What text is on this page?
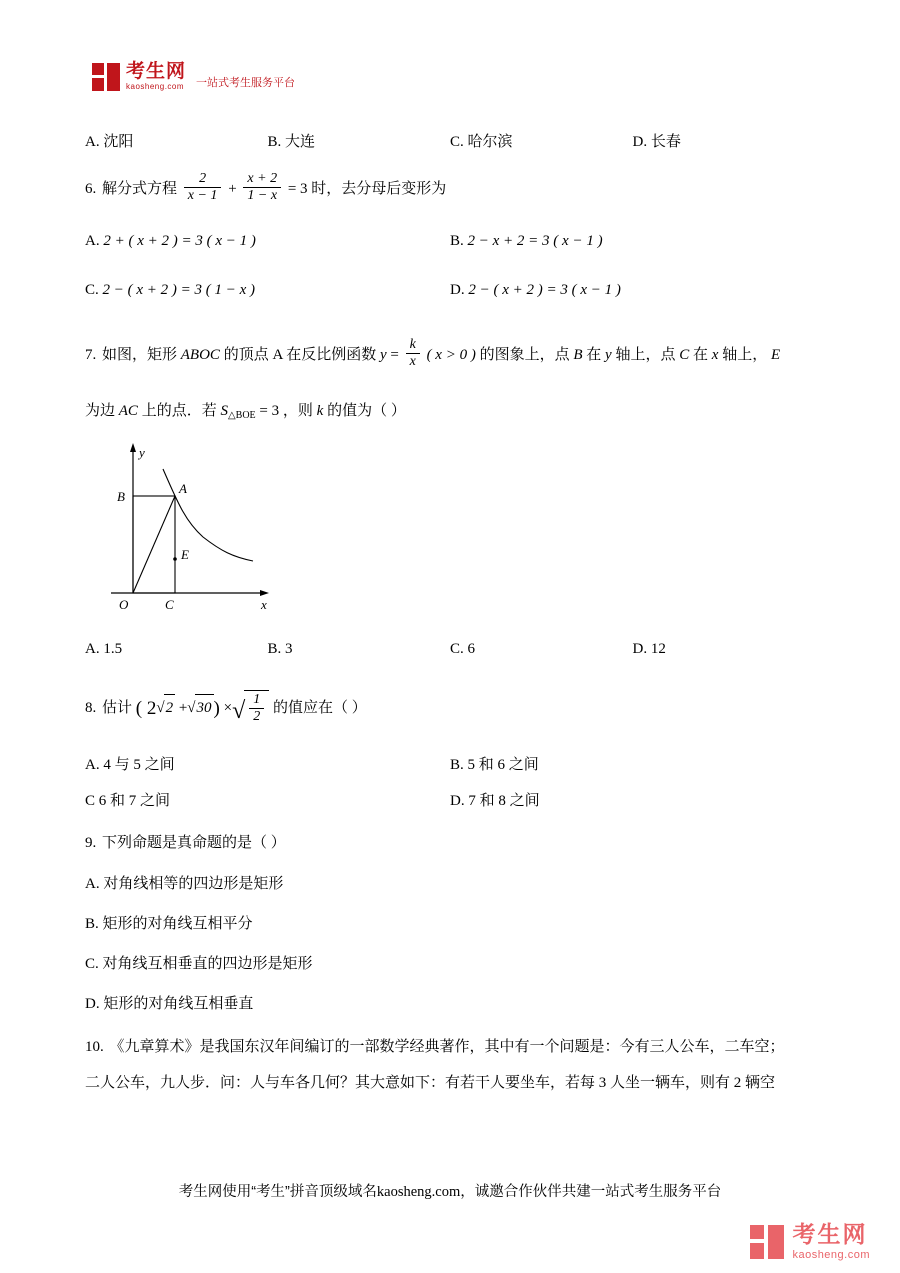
考生网
kaosheng.com 一站式考生服务平台
A. 沈阳	B. 大连	C. 哈尔滨	D. 长春
6. 解分式方程 $\frac{2}{x - 1} + \frac{x + 2}{1 - x} = 3$ 时，去分母后变形为
A. 2 + ( x + 2 ) = 3 ( x − 1 )	B. 2 − x + 2 = 3 ( x − 1 )
C. 2 − ( x + 2 ) = 3 ( 1 − x )	D. 2 − ( x + 2 ) = 3 ( x − 1 )
7. 如图，矩形 ABOC 的顶点 A 在反比例函数 $y = \frac{k}{x}$ ( x > 0 ) 的图象上，点 B 在 y 轴上，点 C 在 x 轴上， E
为边 AC 上的点．若 $S_{\triangle BOE} = 3$ ，则 k 的值为（ ）
y
x
O
A
B
C
E
A. 1.5	B. 3	C. 6	D. 12
8. 估计 ( 2√2 +√30 ) ×√ $\frac{1}{2}$ 的值应在（ ）
A. 4 与 5 之间	B. 5 和 6 之间
C 6 和 7 之间	D. 7 和 8 之间
9. 下列命题是真命题的是（ ）
A. 对角线相等的四边形是矩形
B. 矩形的对角线互相平分
C. 对角线互相垂直的四边形是矩形
D. 矩形的对角线互相垂直
10. 《九章算术》是我国东汉年间编订的一部数学经典著作，其中有一个问题是：今有三人公车，二车空；
二人公车，九人步．问：人与车各几何？其大意如下：有若干人要坐车，若每 3 人坐一辆车，则有 2 辆空
考生网使用“考生”拼音顶级域名kaosheng.com，诚邀合作伙伴共建一站式考生服务平台
考生网
kaosheng.com
